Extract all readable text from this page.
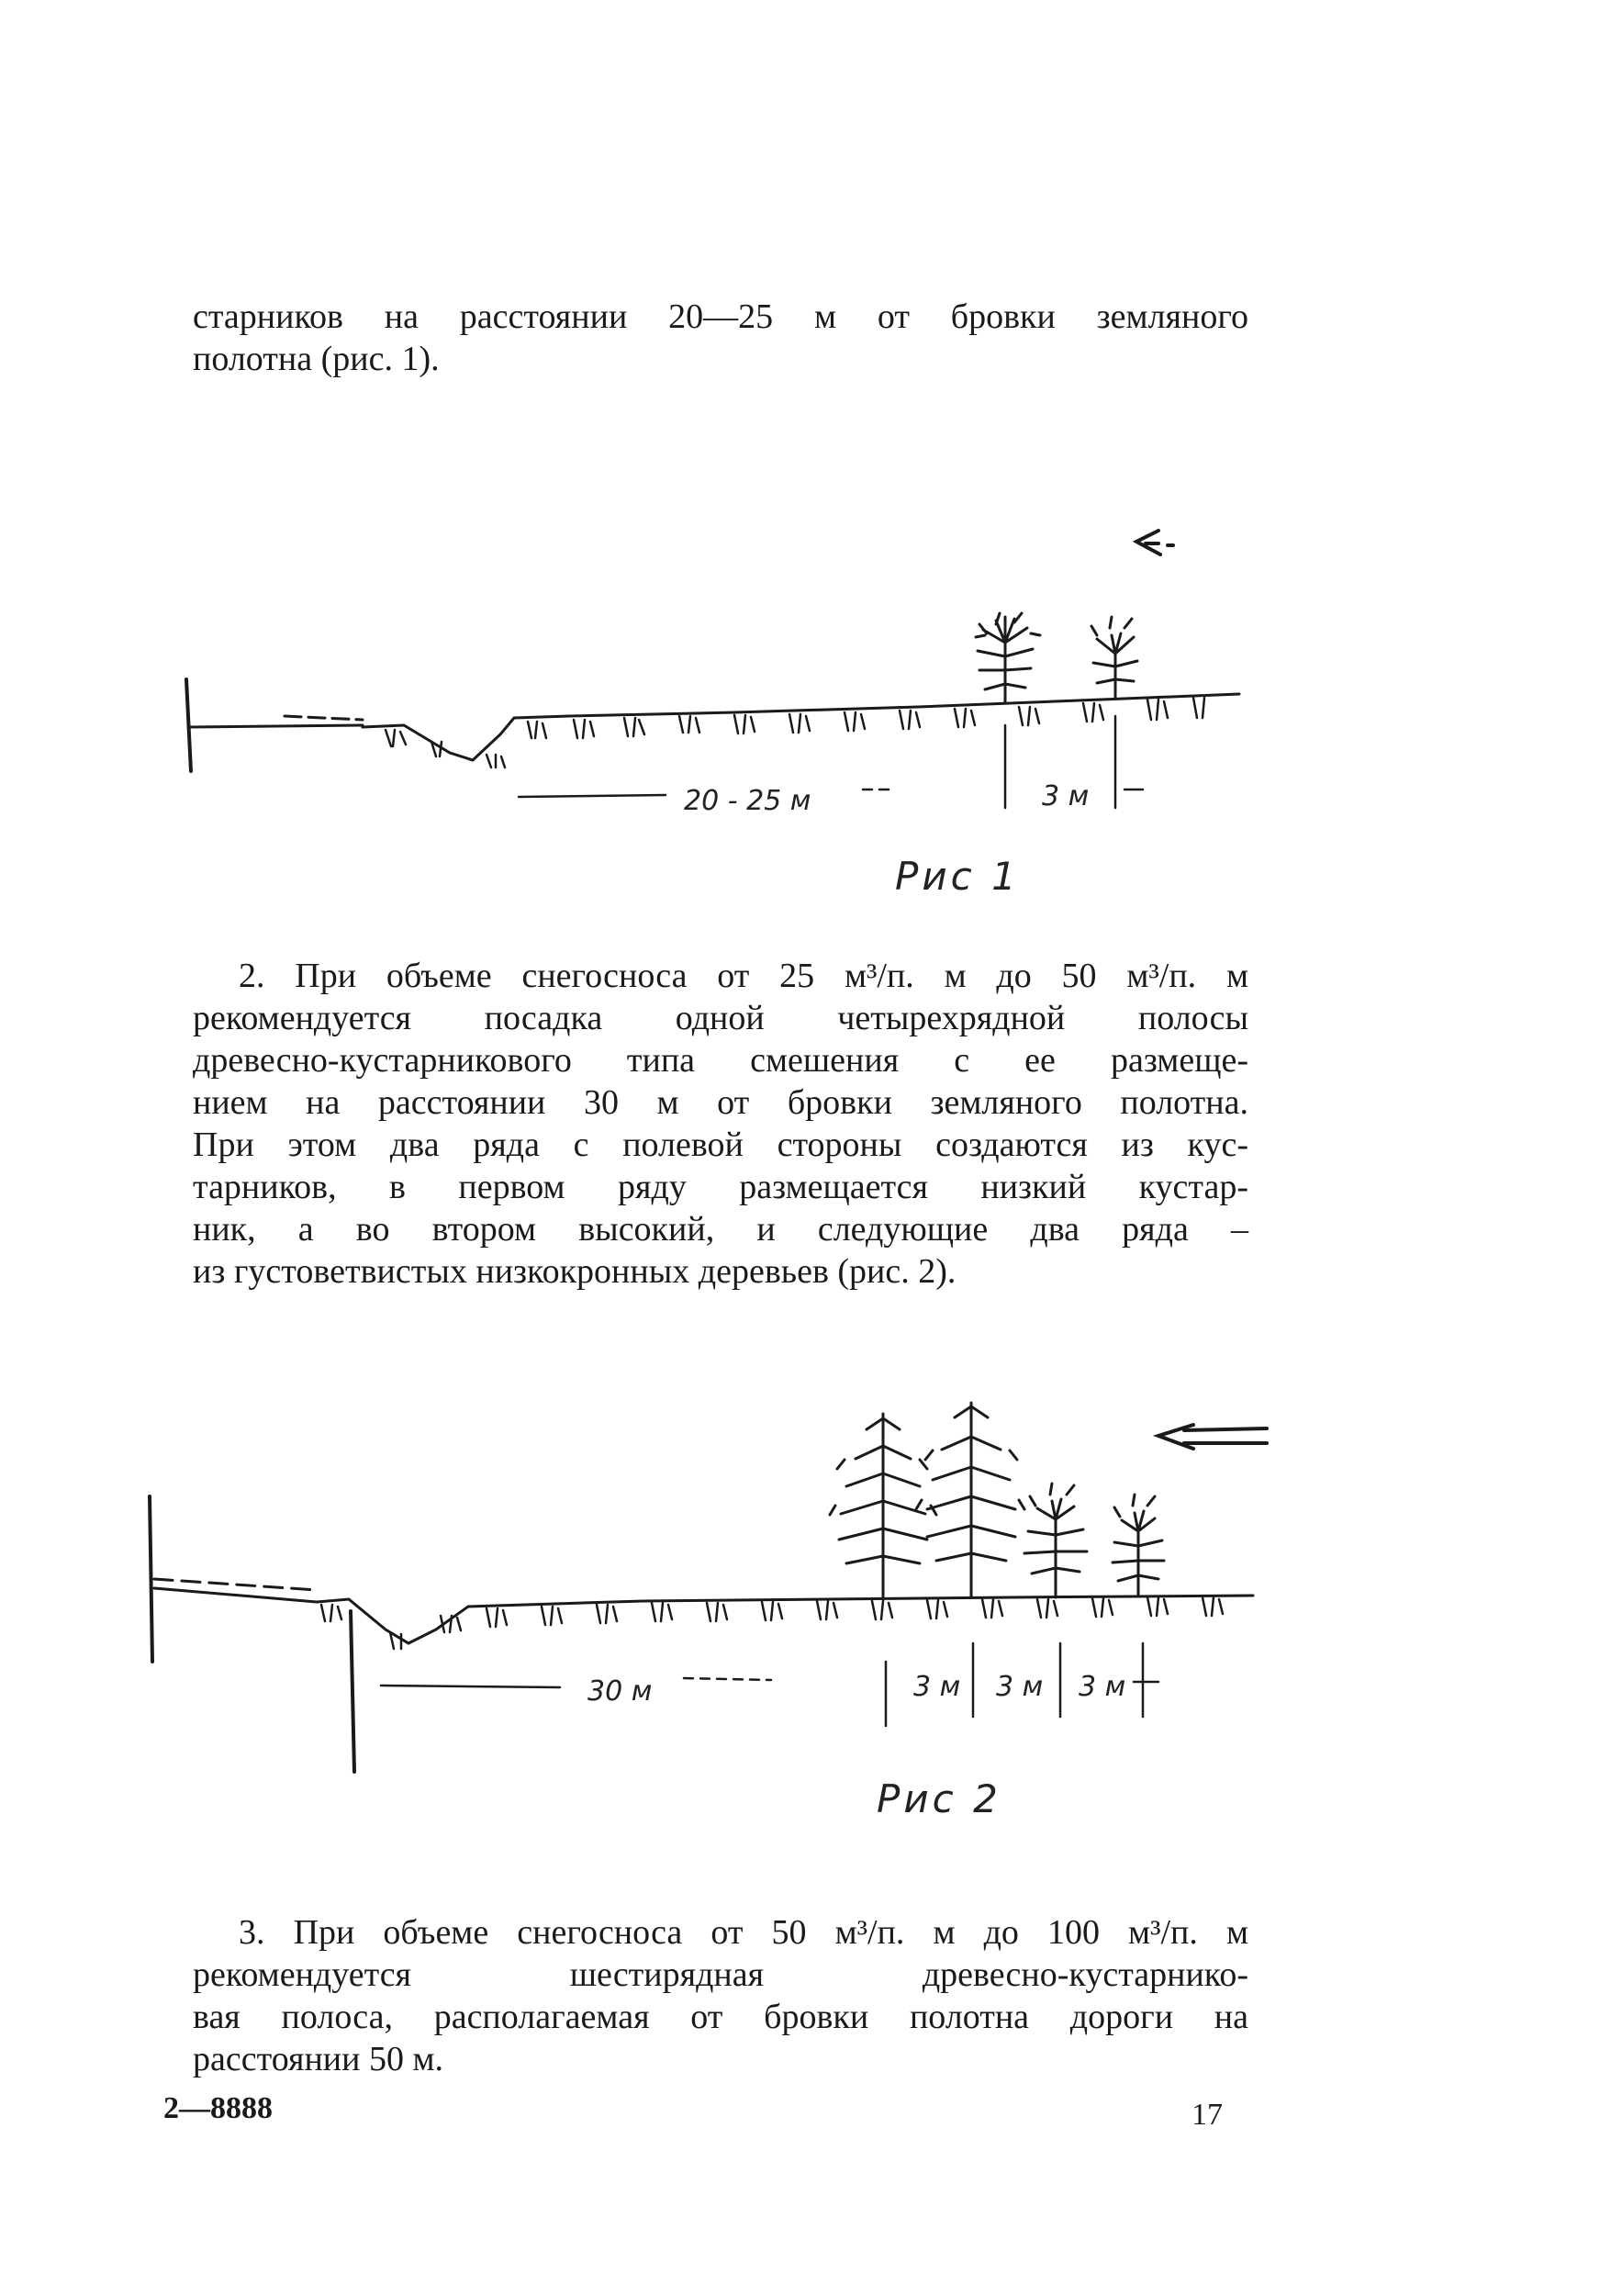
старников на расстоянии 20—25 м от бровки земляного
полотна (рис. 1).
20 - 25 м	3 м
Рис 1
2. При объеме снегосноса от 25 м³/п. м до 50 м³/п. м
рекомендуется посадка одной четырехрядной полосы
древесно-кустарникового типа смешения с ее размеще-
нием на расстоянии 30 м от бровки земляного полотна.
При этом два ряда с полевой стороны создаются из кус-
тарников, в первом ряду размещается низкий кустар-
ник, а во втором высокий, и следующие два ряда –
из густоветвистых низкокронных деревьев (рис. 2).
30 м	3 м 3 м 3 м
Рис 2
3. При объеме снегосноса от 50 м³/п. м до 100 м³/п. м
рекомендуется шестирядная древесно-кустарнико-
вая полоса, располагаемая от бровки полотна дороги на
расстоянии 50 м.
2—8888	17
